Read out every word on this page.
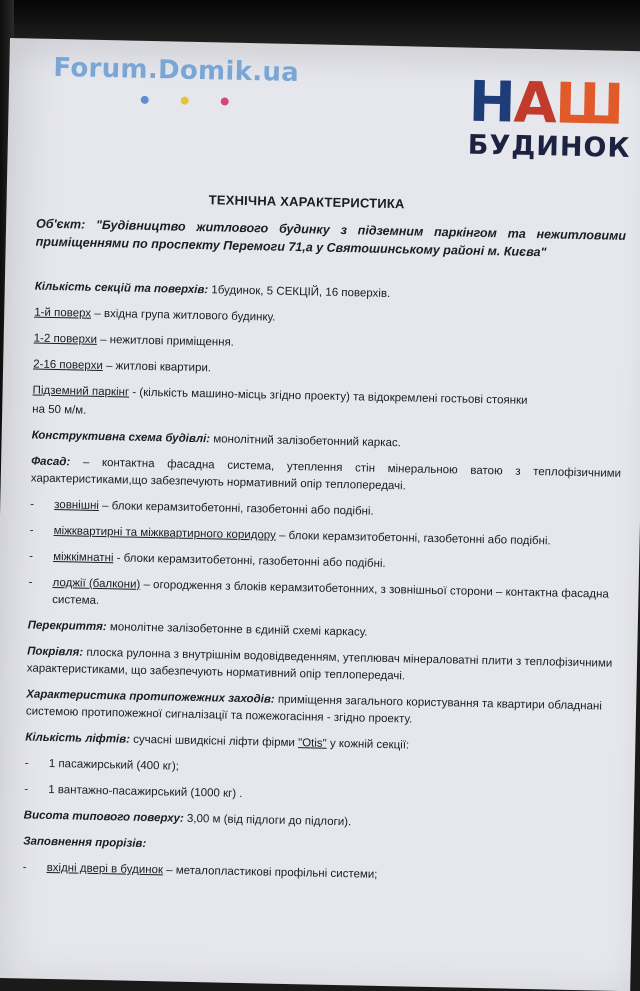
Forum.Domik.ua	НАШ
БУДИНОК
ТЕХНІЧНА ХАРАКТЕРИСТИКА
Об'єкт: "Будівництво житлового будинку з підземним паркінгом та нежитловими приміщеннями по проспекту Перемоги 71,а у Святошинському районі м. Києва"

Кількість секцій та поверхів: 1будинок, 5 СЕКЦІЙ, 16 поверхів.

1-й поверх – вхідна група житлового будинку.

1-2 поверхи – нежитлові приміщення.

2-16 поверхи – житлові квартири.

Підземний паркінг - (кількість машино-місць згідно проекту) та відокремлені гостьові стоянки

на 50 м/м.

Конструктивна схема будівлі: монолітний залізобетонний каркас.

Фасад: – контактна фасадна система, утеплення стін мінеральною ватою з теплофізичними характеристиками,що забезпечують нормативний опір теплопередачі.

-	зовнішні – блоки керамзитобетонні, газобетонні або подібні.
-	міжквартирні та міжквартирного коридору – блоки керамзитобетонні, газобетонні або подібні.
-	міжкімнатні - блоки керамзитобетонні, газобетонні або подібні.
-	лоджії (балкони) – огородження з блоків керамзитобетонних, з зовнішньої сторони – контактна фасадна система.

Перекриття: монолітне залізобетонне в єдиній схемі каркасу.

Покрівля: плоска рулонна з внутрішнім водовідведенням, утеплювач мінераловатні плити з теплофізичними характеристиками, що забезпечують нормативний опір теплопередачі.

Характеристика протипожежних заходів: приміщення загального користування та квартири обладнані системою протипожежної сигналізації та пожежогасіння - згідно проекту.

Кількість ліфтів: сучасні швидкісні ліфти фірми "Otis" у кожній секції:

-	1 пасажирський (400 кг);
-	1 вантажно-пасажирський (1000 кг) .

Висота типового поверху: 3,00 м (від підлоги до підлоги).

Заповнення прорізів:

-	вхідні двері в будинок – металопластикові профільні системи;
